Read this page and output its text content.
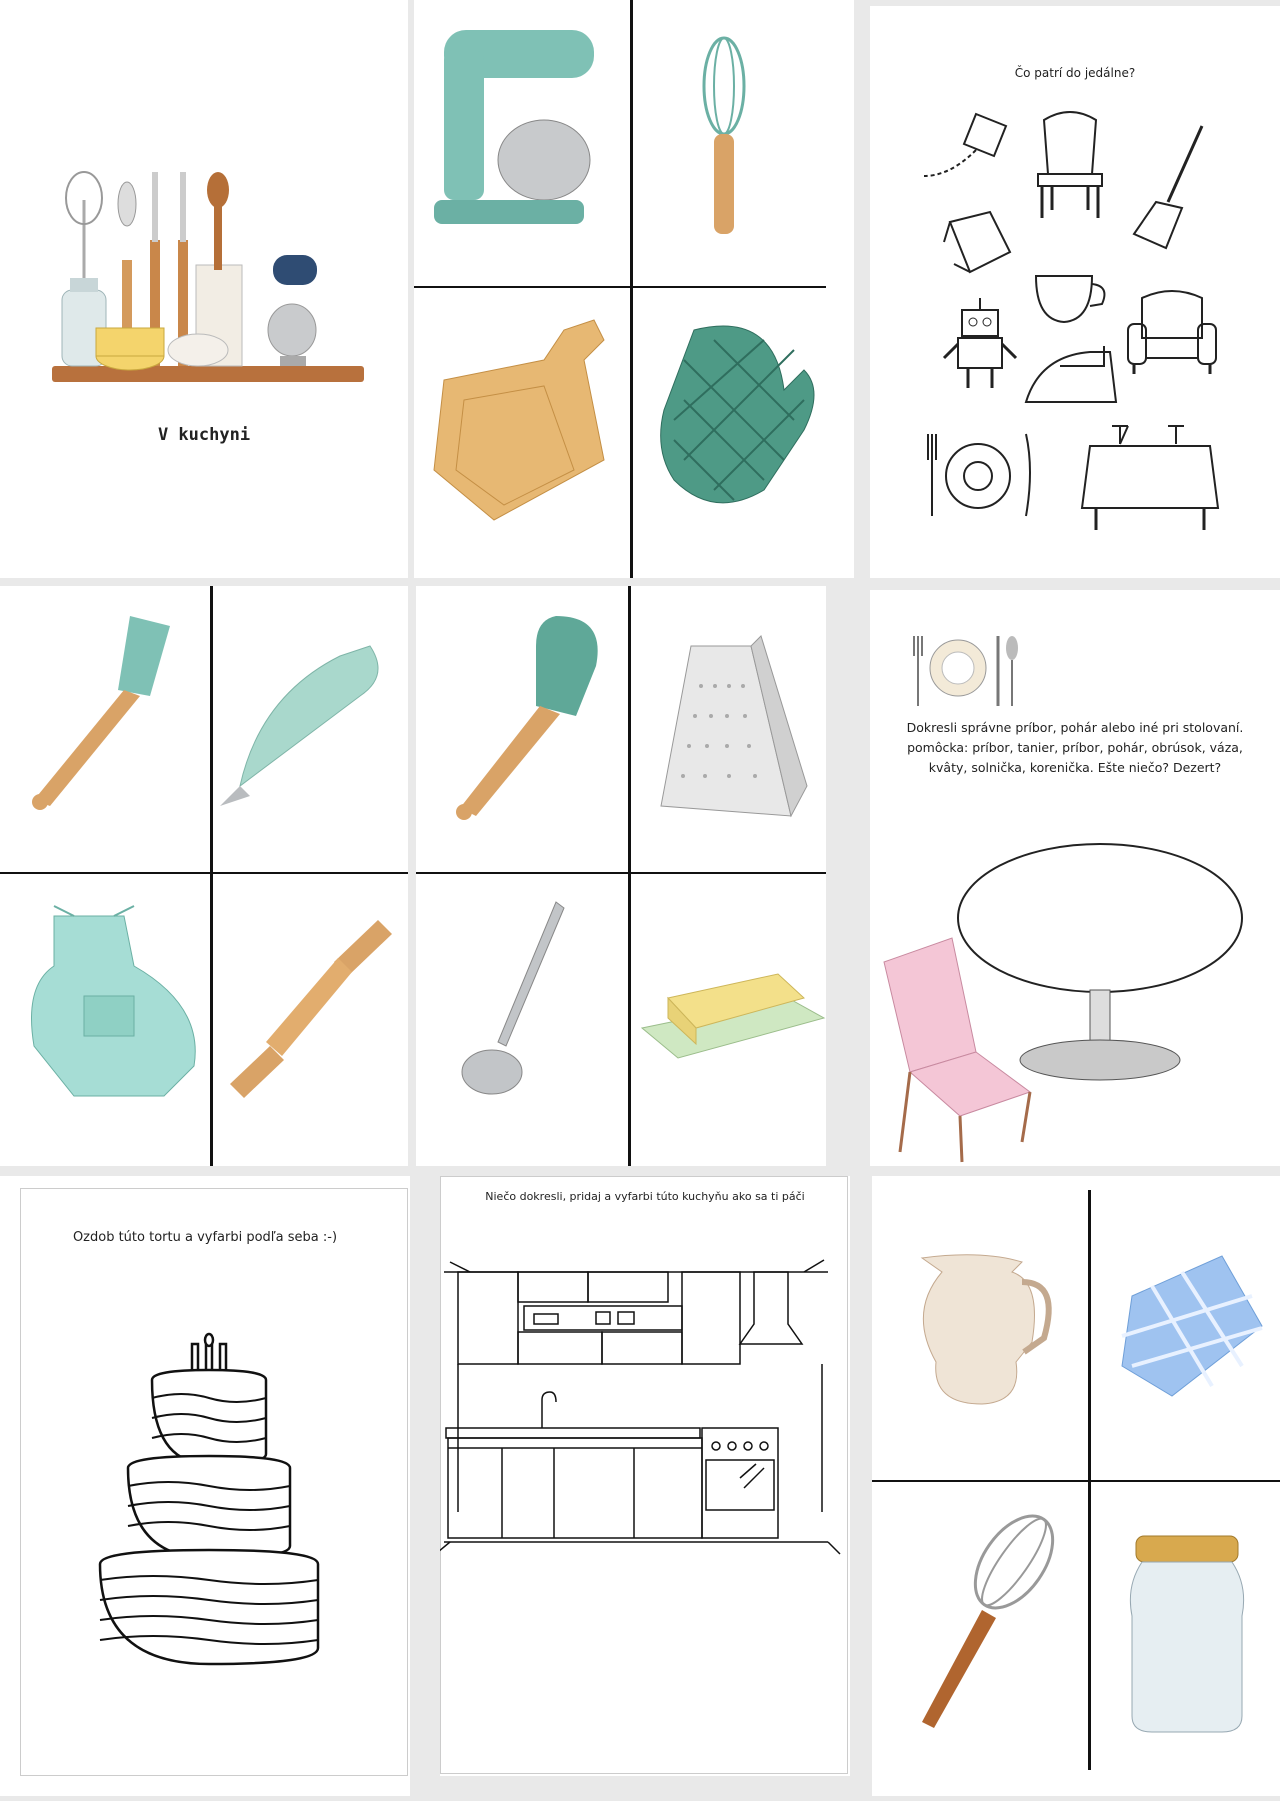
V kuchyni
Čo patrí do jedálne?
Dokresli správne príbor, pohár alebo iné pri stolovaní.
pomôcka: príbor, tanier, príbor, pohár, obrúsok, váza,
kvâty, solnička, korenička. Ešte niečo? Dezert?
Ozdob túto tortu a vyfarbi podľa seba :-)
Niečo dokresli, pridaj a vyfarbi túto kuchyňu ako sa ti páči
